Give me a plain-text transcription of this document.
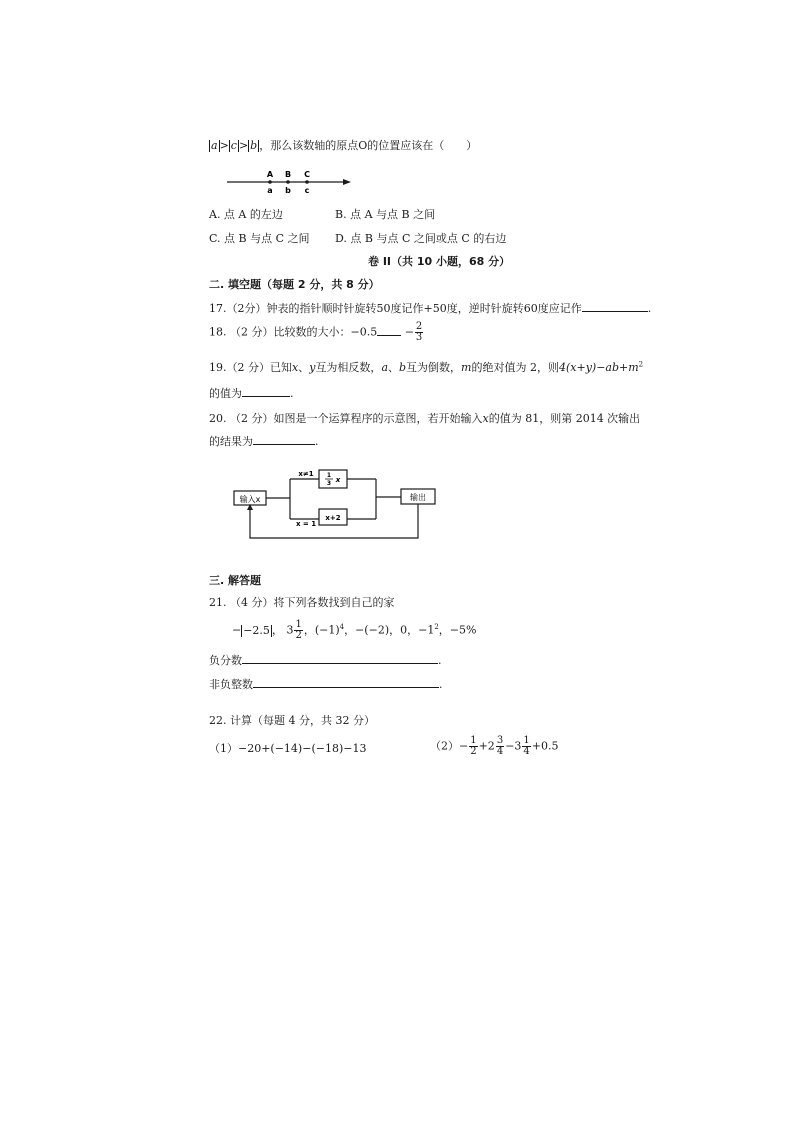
a > c > b ，那么该数轴的原点O的位置应该在（　　）
A B C
a b c
A. 点 A 的左边	B. 点 A 与点 B 之间
C. 点 B 与点 C 之间 D. 点 B 与点 C 之间或点 C 的右边
卷 II（共 10 小题，68 分）
二. 填空题（每题 2 分，共 8 分）
17.（2分）钟表的指针顺时针旋转50度记作+50度，逆时针旋转60度应记作	.
18. （2 分）比较数的大小：−0.5	− $\frac{2}{3}$
19.（2 分）已知x、y互为相反数，a、b互为倒数，m的绝对值为 2，则$4(x+y)-ab+m^2$
的值为	.
20. （2 分）如图是一个运算程序的示意图，若开始输入x的值为 81，则第 2014 次输出
的结果为	.
输入x	输出
x≠1
x = 1
1
3 x
x+2
三. 解答题
21. （4 分）将下列各数找到自己的家
− −2.5 ， $3 \frac{1}{2}$ ，$(-1)^4$，−(−2)，0，$-1^2$，−5%
负分数	.
非负整数	.
22. 计算（每题 4 分，共 32 分）
（1）−20+(−14)−(−18)−13	$(2)- \frac{1}{2} +2 \frac{3}{4} -3 \frac{1}{4} +0.5$
